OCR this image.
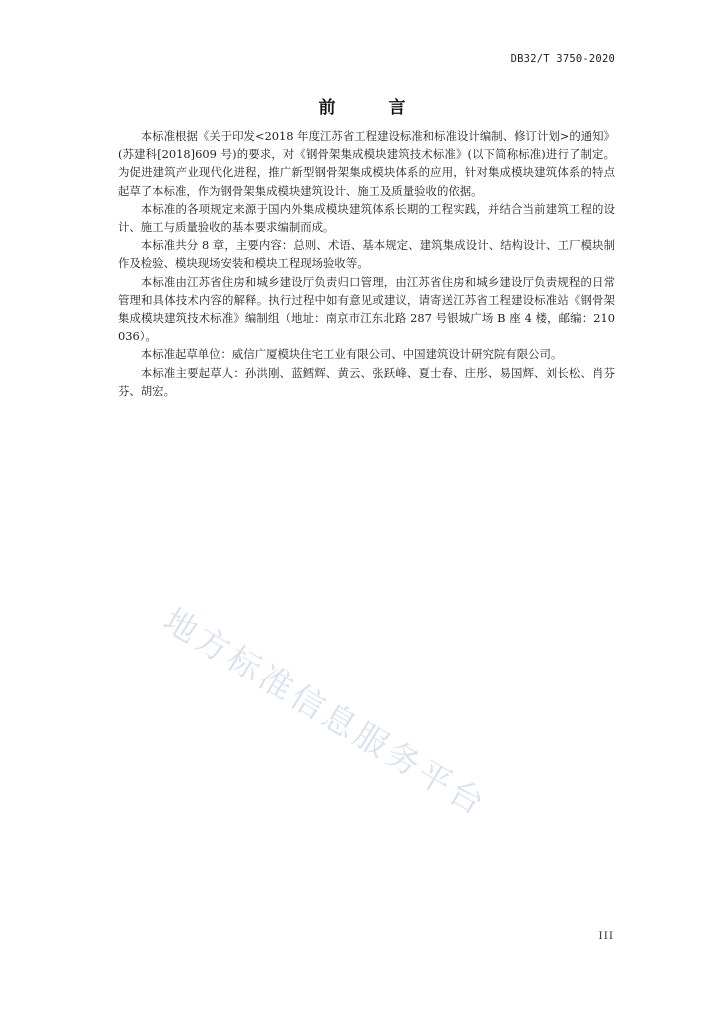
DB32/T 3750-2020
前　言

本标准根据《关于印发<2018 年度江苏省工程建设标准和标准设计编制、修订计划>的通知》(苏建科[2018]609 号)的要求，对《钢骨架集成模块建筑技术标准》(以下简称标准)进行了制定。为促进建筑产业现代化进程，推广新型钢骨架集成模块体系的应用，针对集成模块建筑体系的特点起草了本标准，作为钢骨架集成模块建筑设计、施工及质量验收的依据。

本标准的各项规定来源于国内外集成模块建筑体系长期的工程实践，并结合当前建筑工程的设计、施工与质量验收的基本要求编制而成。

本标准共分 8 章，主要内容：总则、术语、基本规定、建筑集成设计、结构设计、工厂模块制作及检验、模块现场安装和模块工程现场验收等。

本标准由江苏省住房和城乡建设厅负责归口管理，由江苏省住房和城乡建设厅负责规程的日常管理和具体技术内容的解释。执行过程中如有意见或建议，请寄送江苏省工程建设标准站《钢骨架集成模块建筑技术标准》编制组（地址：南京市江东北路 287 号银城广场 B 座 4 楼，邮编：210036）。

本标准起草单位：威信广厦模块住宅工业有限公司、中国建筑设计研究院有限公司。

本标准主要起草人：孙洪刚、蓝鳕辉、黄云、张跃峰、夏士春、庄彤、易国辉、刘长松、肖芬芬、胡宏。

地方标准信息服务平台
III
